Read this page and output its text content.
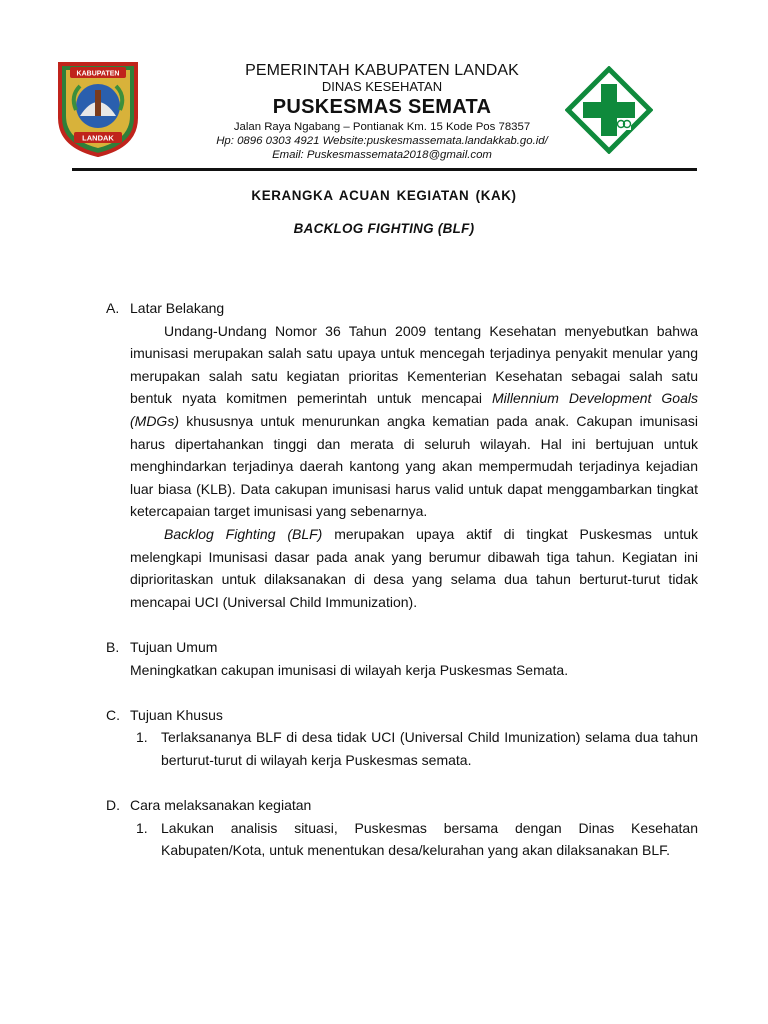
KABUPATEN
LANDAK
PEMERINTAH KABUPATEN LANDAK
DINAS KESEHATAN
PUSKESMAS SEMATA
Jalan Raya Ngabang – Pontianak Km. 15 Kode Pos 78357
Hp: 0896 0303 4921 Website:puskesmassemata.landakkab.go.id/
Email: Puskesmassemata2018@gmail.com
KERANGKA ACUAN KEGIATAN (KAK)
BACKLOG FIGHTING (BLF)
A. Latar Belakang
Undang-Undang Nomor 36 Tahun 2009 tentang Kesehatan menyebutkan bahwa imunisasi merupakan salah satu upaya untuk mencegah terjadinya penyakit menular yang merupakan salah satu kegiatan prioritas Kementerian Kesehatan sebagai salah satu bentuk nyata komitmen pemerintah untuk mencapai Millennium Development Goals (MDGs) khususnya untuk menurunkan angka kematian pada anak. Cakupan imunisasi harus dipertahankan tinggi dan merata di seluruh wilayah. Hal ini bertujuan untuk menghindarkan terjadinya daerah kantong yang akan mempermudah terjadinya kejadian luar biasa (KLB). Data cakupan imunisasi harus valid untuk dapat menggambarkan tingkat ketercapaian target imunisasi yang sebenarnya.
Backlog Fighting (BLF) merupakan upaya aktif di tingkat Puskesmas untuk melengkapi Imunisasi dasar pada anak yang berumur dibawah tiga tahun. Kegiatan ini diprioritaskan untuk dilaksanakan di desa yang selama dua tahun berturut-turut tidak mencapai UCI (Universal Child Immunization).
B. Tujuan Umum
Meningkatkan cakupan imunisasi di wilayah kerja Puskesmas Semata.
C. Tujuan Khusus
1. Terlaksananya BLF di desa tidak UCI (Universal Child Imunization) selama dua tahun berturut-turut di wilayah kerja Puskesmas semata.
D. Cara melaksanakan kegiatan
1. Lakukan analisis situasi, Puskesmas bersama dengan Dinas Kesehatan Kabupaten/Kota, untuk menentukan desa/kelurahan yang akan dilaksanakan BLF.
